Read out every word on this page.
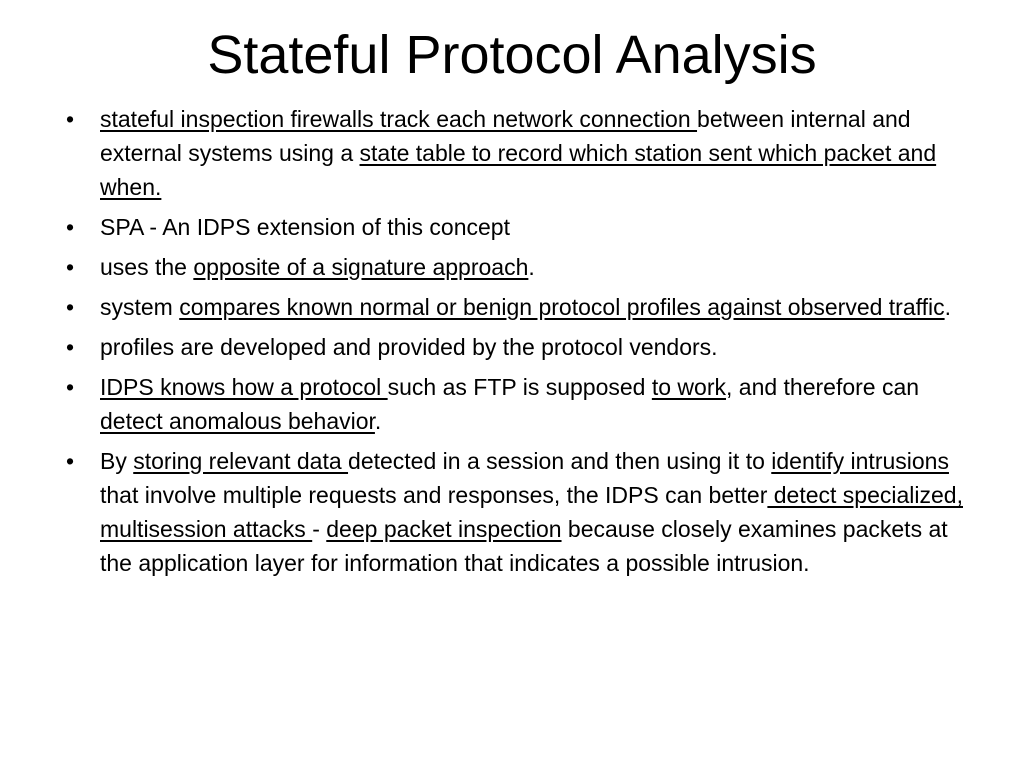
Stateful Protocol Analysis
• stateful inspection firewalls track each network connection between internal and external systems using a state table to record which station sent which packet and when.
• SPA - An IDPS extension of this concept
• uses the opposite of a signature approach.
• system compares known normal or benign protocol profiles against observed traffic.
• profiles are developed and provided by the protocol vendors.
• IDPS knows how a protocol such as FTP is supposed to work, and therefore can detect anomalous behavior.
• By storing relevant data detected in a session and then using it to identify intrusions that involve multiple requests and responses, the IDPS can better detect specialized, multisession attacks - deep packet inspection because closely examines packets at the application layer for information that indicates a possible intrusion.
